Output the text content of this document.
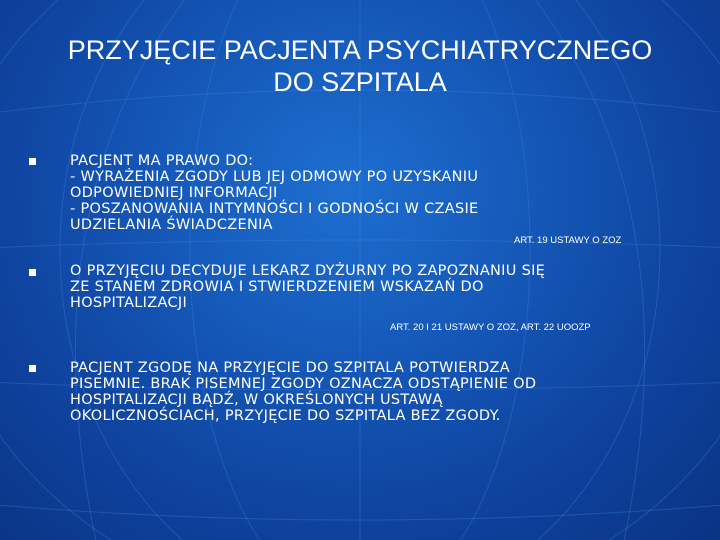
PRZYJĘCIE PACJENTA PSYCHIATRYCZNEGO
DO SZPITALA
PACJENT MA PRAWO DO:
- WYRAŻENIA ZGODY LUB JEJ ODMOWY PO UZYSKANIU
ODPOWIEDNIEJ INFORMACJI
- POSZANOWANIA INTYMNOŚCI I GODNOŚCI W CZASIE
UDZIELANIA ŚWIADCZENIA
ART. 19 USTAWY O ZOZ
O PRZYJĘCIU DECYDUJE LEKARZ DYŻURNY PO ZAPOZNANIU SIĘ
ZE STANEM ZDROWIA I STWIERDZENIEM WSKAZAŃ DO
HOSPITALIZACJI
ART. 20 I 21 USTAWY O ZOZ, ART. 22 UOOZP
PACJENT ZGODĘ NA PRZYJĘCIE DO SZPITALA POTWIERDZA
PISEMNIE. BRAK PISEMNEJ ZGODY OZNACZA ODSTĄPIENIE OD
HOSPITALIZACJI BĄDŹ, W OKREŚLONYCH USTAWĄ
OKOLICZNOŚCIACH, PRZYJĘCIE DO SZPITALA BEZ ZGODY.
